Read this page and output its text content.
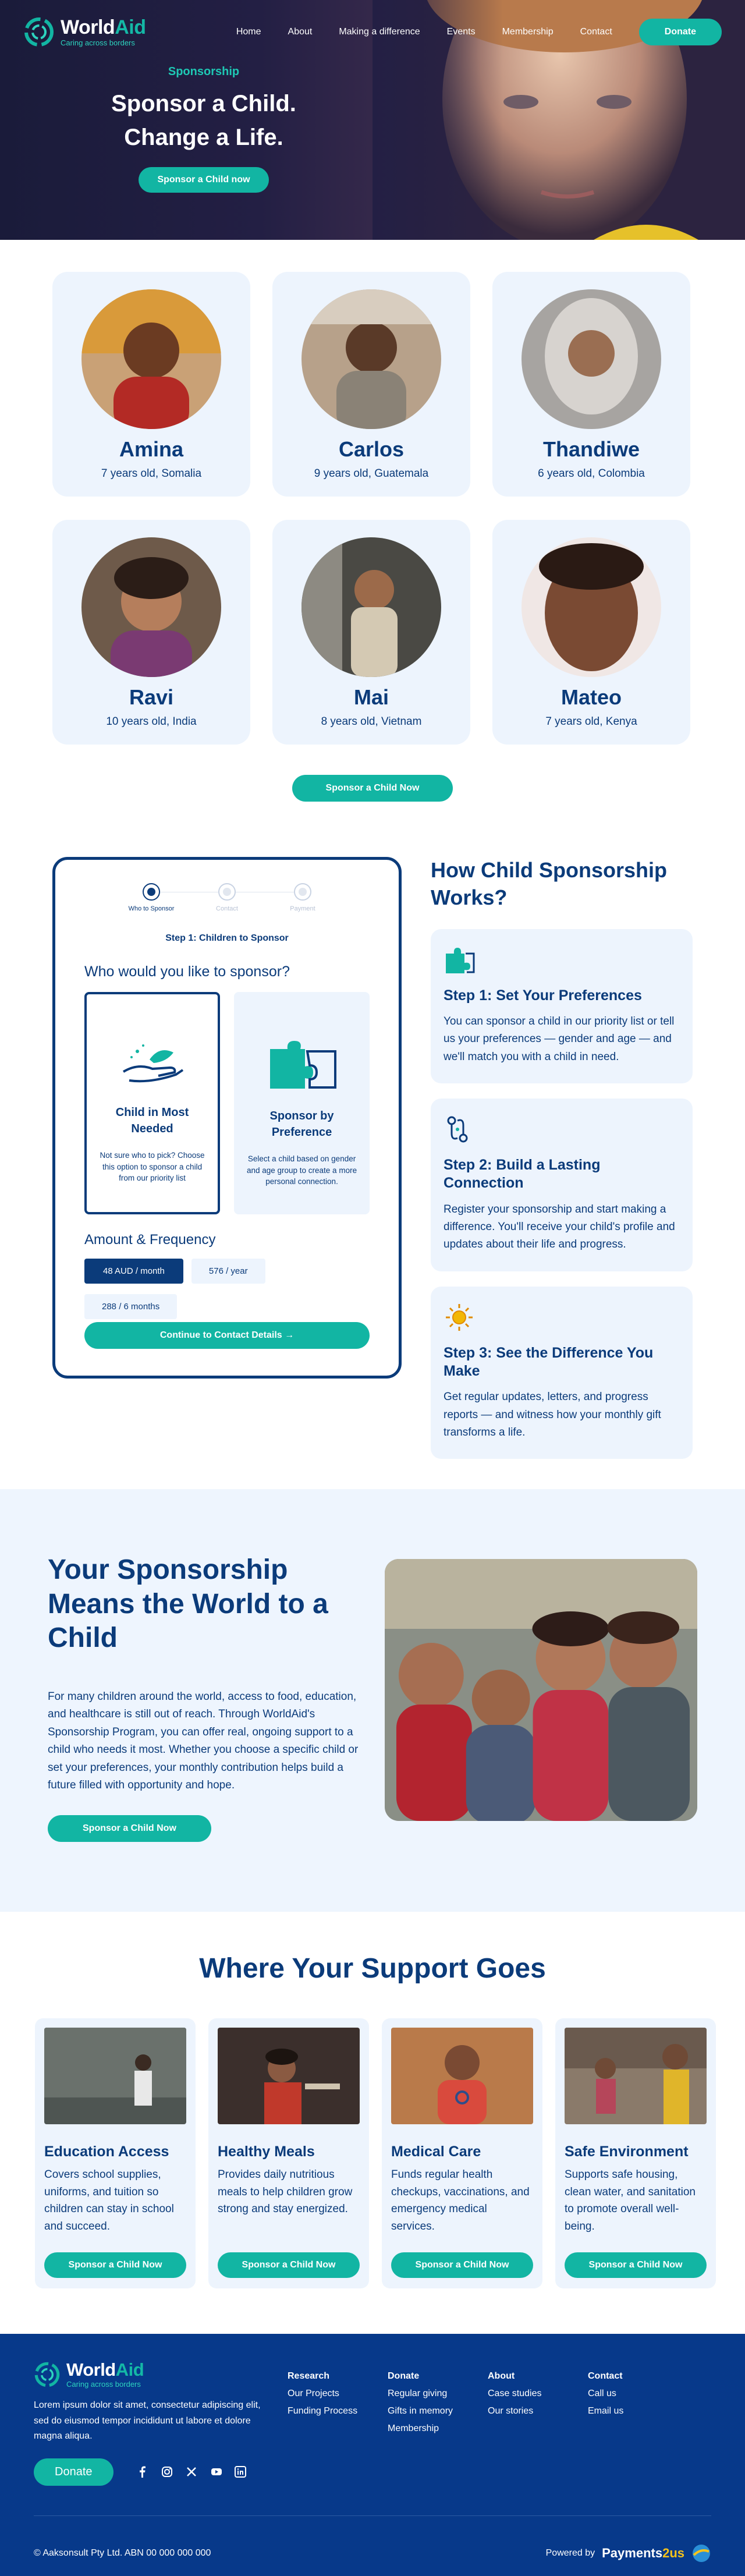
WorldAid
Caring across borders
Home	About	Making a difference	Events	Membership	Contact	Donate
Sponsorship
Sponsor a Child.
Change a Life.
Sponsor a Child now
Amina
7 years old, Somalia
Carlos
9 years old, Guatemala
Thandiwe
6 years old, Colombia
Ravi
10 years old, India
Mai
8 years old, Vietnam
Mateo
7 years old, Kenya
Sponsor a Child Now
Who to Sponsor	Contact	Payment
Step 1: Children to Sponsor
Who would you like to sponsor?
Child in Most Needed
Not sure who to pick? Choose this option to sponsor a child from our priority list
Sponsor by Preference
Select a child based on gender and age group to create a more personal connection.
Amount & Frequency
48 AUD / month	576 / year
288 / 6 months
Continue to Contact Details →
How Child Sponsorship Works?
Step 1: Set Your Preferences
You can sponsor a child in our priority list or tell us your preferences — gender and age — and we'll match you with a child in need.
Step 2: Build a Lasting Connection
Register your sponsorship and start making a difference. You'll receive your child's profile and updates about their life and progress.
Step 3: See the Difference You Make
Get regular updates, letters, and progress reports — and witness how your monthly gift transforms a life.
Your Sponsorship Means the World to a Child

For many children around the world, access to food, education, and healthcare is still out of reach. Through WorldAid's Sponsorship Program, you can offer real, ongoing support to a child who needs it most. Whether you choose a specific child or set your preferences, your monthly contribution helps build a future filled with opportunity and hope.

Sponsor a Child Now
Where Your Support Goes
Education Access
Covers school supplies, uniforms, and tuition so children can stay in school and succeed.
Sponsor a Child Now
Healthy Meals
Provides daily nutritious meals to help children grow strong and stay energized.
Sponsor a Child Now
Medical Care
Funds regular health checkups, vaccinations, and emergency medical services.
Sponsor a Child Now
Safe Environment
Supports safe housing, clean water, and sanitation to promote overall well-being.
Sponsor a Child Now
WorldAid
Caring across borders
Lorem ipsum dolor sit amet, consectetur adipiscing elit, sed do eiusmod tempor incididunt ut labore et dolore magna aliqua.
Donate
Research
Our Projects
Funding Process
Donate
Regular giving
Gifts in memory
Membership
About
Case studies
Our stories
Contact
Call us
Email us
© Aaksonsult Pty Ltd. ABN 00 000 000 000	Powered by Payments2us
